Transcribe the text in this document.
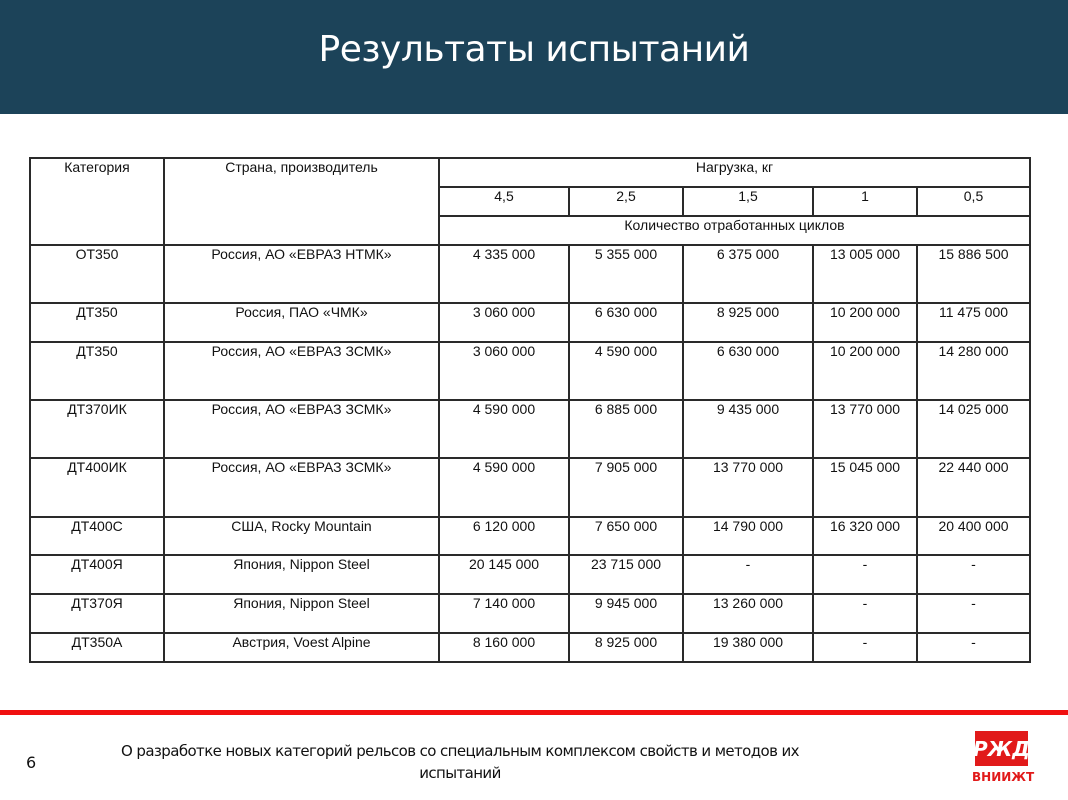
Результаты испытаний
Категория	Страна, производитель	Нагрузка, кг				
		4,5	2,5	1,5	1	0,5
		Количество отработанных циклов				
ОТ350	Россия, АО «ЕВРАЗ НТМК»	4 335 000	5 355 000	6 375 000	13 005 000	15 886 500
ДТ350	Россия, ПАО «ЧМК»	3 060 000	6 630 000	8 925 000	10 200 000	11 475 000
ДТ350	Россия, АО «ЕВРАЗ ЗСМК»	3 060 000	4 590 000	6 630 000	10 200 000	14 280 000
ДТ370ИК	Россия, АО «ЕВРАЗ ЗСМК»	4 590 000	6 885 000	9 435 000	13 770 000	14 025 000
ДТ400ИК	Россия, АО «ЕВРАЗ ЗСМК»	4 590 000	7 905 000	13 770 000	15 045 000	22 440 000
ДТ400С	США, Rocky Mountain	6 120 000	7 650 000	14 790 000	16 320 000	20 400 000
ДТ400Я	Япония, Nippon Steel	20 145 000	23 715 000	-	-	-
ДТ370Я	Япония, Nippon Steel	7 140 000	9 945 000	13 260 000	-	-
ДТ350А	Австрия, Voest Alpine	8 160 000	8 925 000	19 380 000	-	-
6
О разработке новых категорий рельсов со специальным комплексом свойств и методов их испытаний
РЖД
ВНИИЖТ
